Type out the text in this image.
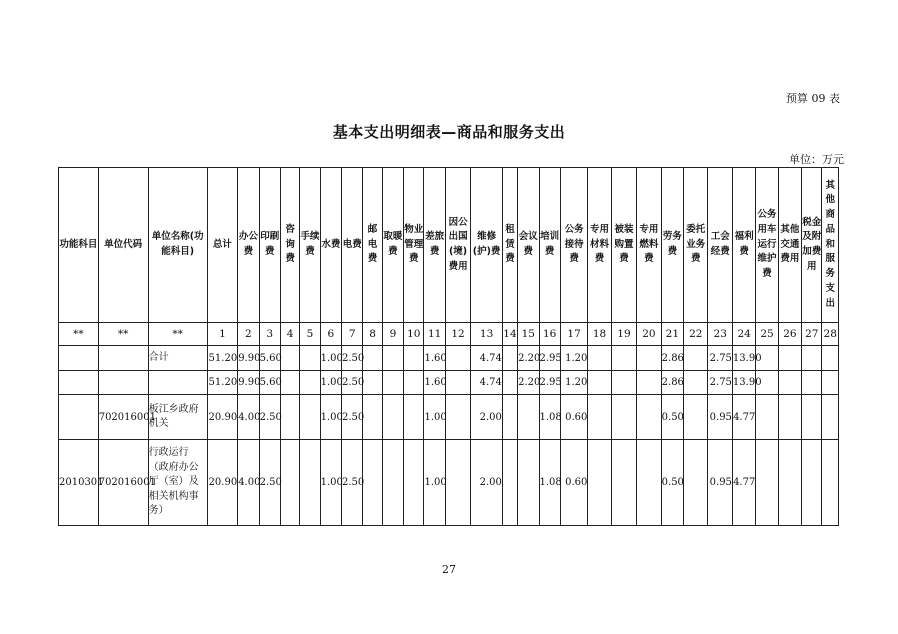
预算 09 表
基本支出明细表—商品和服务支出
单位：万元
功能科目	单位代码	单位名称(功能科目)	总计	办公费	印刷费	咨询费	手续费	水费	电费	邮电费	取暖费	物业管理费	差旅费	因公出国(境)费用	维修(护)费	租赁费	会议费	培训费	公务接待费	专用材料费	被装购置费	专用燃料费	劳务费	委托业务费	工会经费	福利费	公务用车运行维护费	其他交通费用	税金及附加费用	其他商品和服务支出
**	**	**	1	2	3	4	5	6	7	8	9	10	11	12	13	14	15	16	17	18	19	20	21	22	23	24	25	26	27	28
		合计	51.20	9.90	5.60			1.00	2.50				1.60		4.74		2.20	2.95	1.20				2.86		2.75	13.90				
			51.20	9.90	5.60			1.00	2.50				1.60		4.74		2.20	2.95	1.20				2.86		2.75	13.90				
	702016001	板江乡政府机关	20.90	4.00	2.50			1.00	2.50				1.00		2.00			1.08	0.60				0.50		0.95	4.77				
2010301	702016001	行政运行（政府办公厅（室）及相关机构事务）	20.90	4.00	2.50			1.00	2.50				1.00		2.00			1.08	0.60				0.50		0.95	4.77				
27
